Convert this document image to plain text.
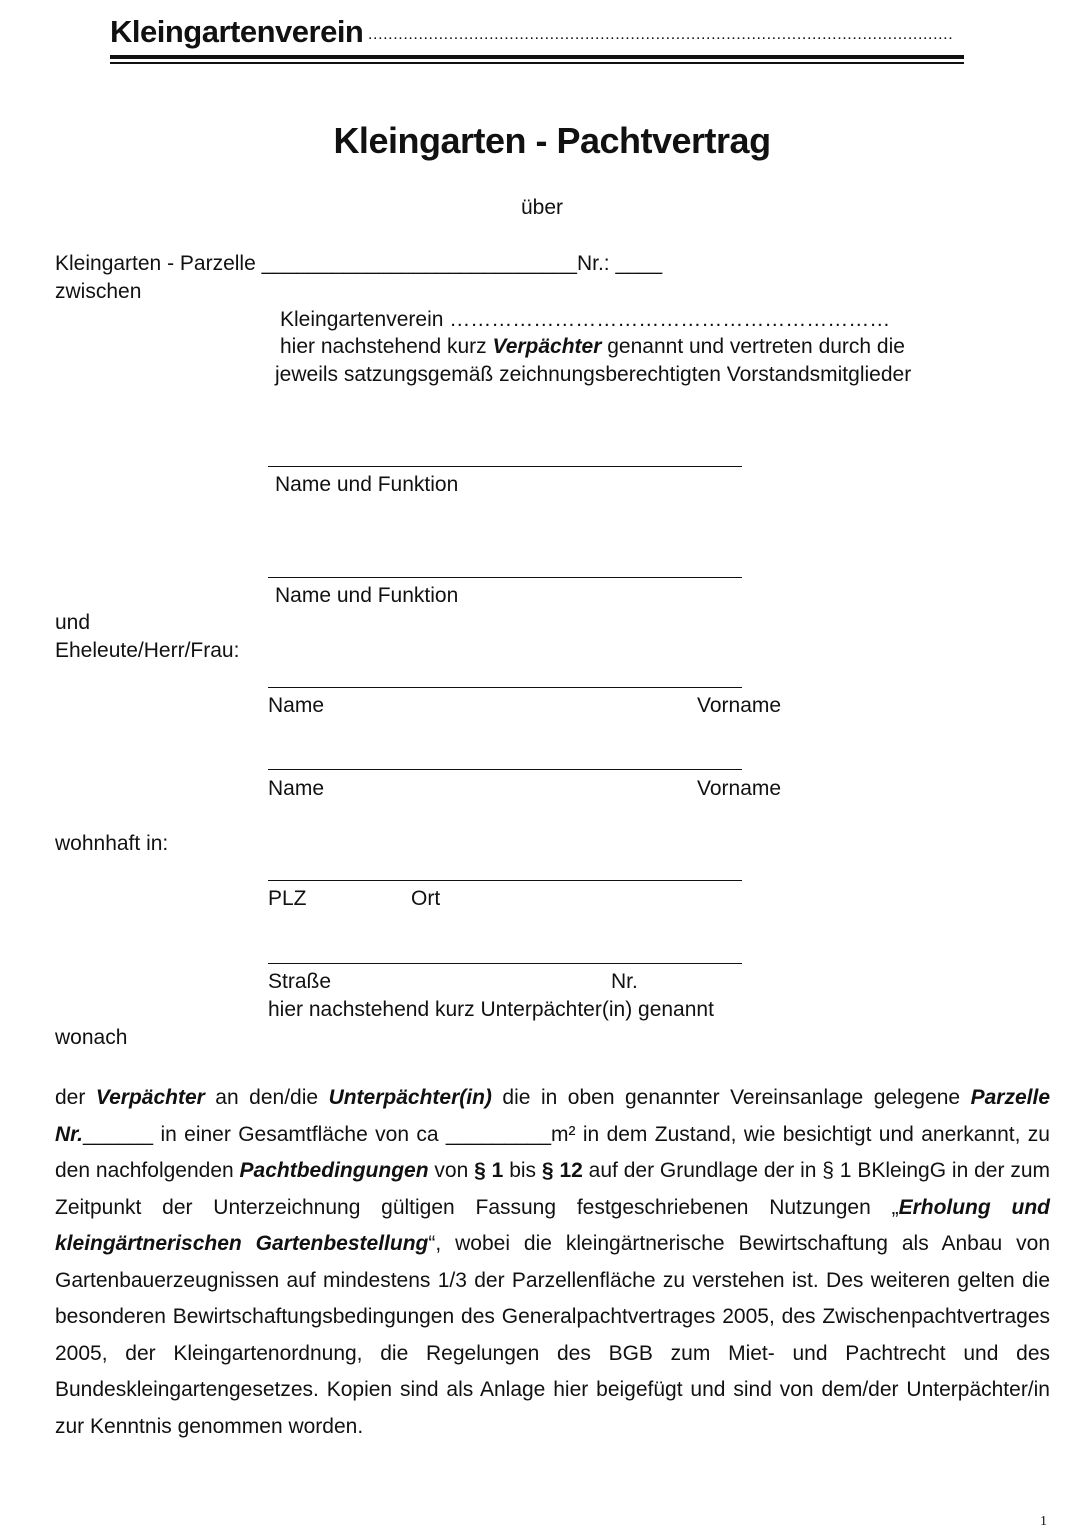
Kleingartenverein ....................................................................................................................
Kleingarten - Pachtvertrag
über
Kleingarten - Parzelle ___________________________Nr.: ____
zwischen
Kleingartenverein ………………………………………………………
hier nachstehend kurz Verpächter genannt und vertreten durch die
jeweils satzungsgemäß zeichnungsberechtigten Vorstandsmitglieder
Name und Funktion
Name und Funktion
und
Eheleute/Herr/Frau:
Name	Vorname
Name	Vorname
wohnhaft in:
PLZ	Ort
Straße	Nr.
hier nachstehend kurz Unterpächter(in) genannt
wonach
der Verpächter an den/die Unterpächter(in) die in oben genannter Vereinsanlage gelegene Parzelle Nr.______ in einer Gesamtfläche von ca _________m² in dem Zustand, wie besichtigt und anerkannt, zu den nachfolgenden Pachtbedingungen von § 1 bis § 12 auf der Grundlage der in § 1 BKleingG in der zum Zeitpunkt der Unterzeichnung gültigen Fassung festgeschriebenen Nutzungen „Erholung und kleingärtnerischen Gartenbestellung“, wobei die kleingärtnerische Bewirtschaftung als Anbau von Gartenbauerzeugnissen auf mindestens 1/3 der Parzellenfläche zu verstehen ist. Des weiteren gelten die besonderen Bewirtschaftungsbedingungen des Generalpachtvertrages 2005, des Zwischenpachtvertrages 2005, der Kleingartenordnung, die Regelungen des BGB zum Miet- und Pachtrecht und des Bundeskleingartengesetzes. Kopien sind als Anlage hier beigefügt und sind von dem/der Unterpächter/in zur Kenntnis genommen worden.
1
